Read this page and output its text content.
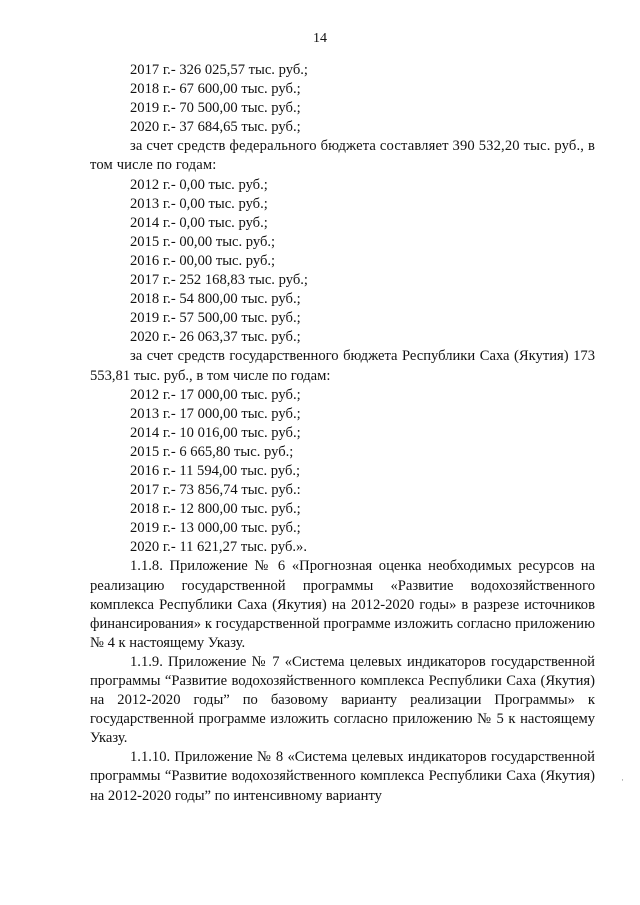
14

2017 г.- 326 025,57 тыс. руб.;

2018 г.- 67 600,00 тыс. руб.;

2019 г.- 70 500,00 тыс. руб.;

2020 г.- 37 684,65 тыс. руб.;

за счет средств федерального бюджета составляет 390 532,20 тыс. руб., в том числе по годам:

2012 г.- 0,00 тыс. руб.;

2013 г.- 0,00 тыс. руб.;

2014 г.- 0,00 тыс. руб.;

2015 г.- 00,00 тыс. руб.;

2016 г.- 00,00 тыс. руб.;

2017 г.- 252 168,83 тыс. руб.;

2018 г.- 54 800,00 тыс. руб.;

2019 г.- 57 500,00 тыс. руб.;

2020 г.- 26 063,37 тыс. руб.;

за счет средств государственного бюджета Республики Саха (Якутия) 173 553,81 тыс. руб., в том числе по годам:

2012 г.- 17 000,00 тыс. руб.;

2013 г.- 17 000,00 тыс. руб.;

2014 г.- 10 016,00 тыс. руб.;

2015 г.- 6 665,80 тыс. руб.;

2016 г.- 11 594,00 тыс. руб.;

2017 г.- 73 856,74 тыс. руб.:

2018 г.- 12 800,00 тыс. руб.;

2019 г.- 13 000,00 тыс. руб.;

2020 г.- 11 621,27 тыс. руб.».

1.1.8. Приложение № 6 «Прогнозная оценка необходимых ресурсов на реализацию государственной программы «Развитие водохозяйственного комплекса Республики Саха (Якутия) на 2012-2020 годы» в разрезе источников финансирования» к государственной программе изложить согласно приложению № 4 к настоящему Указу.

1.1.9. Приложение № 7 «Система целевых индикаторов государственной программы “Развитие водохозяйственного комплекса Республики Саха (Якутия) на 2012-2020 годы” по базовому варианту реализации Программы» к государственной программе изложить согласно приложению № 5 к настоящему Указу.

1.1.10. Приложение № 8 «Система целевых индикаторов государственной программы “Развитие водохозяйственного комплекса Республики Саха (Якутия) на 2012-2020 годы” по интенсивному варианту

·
